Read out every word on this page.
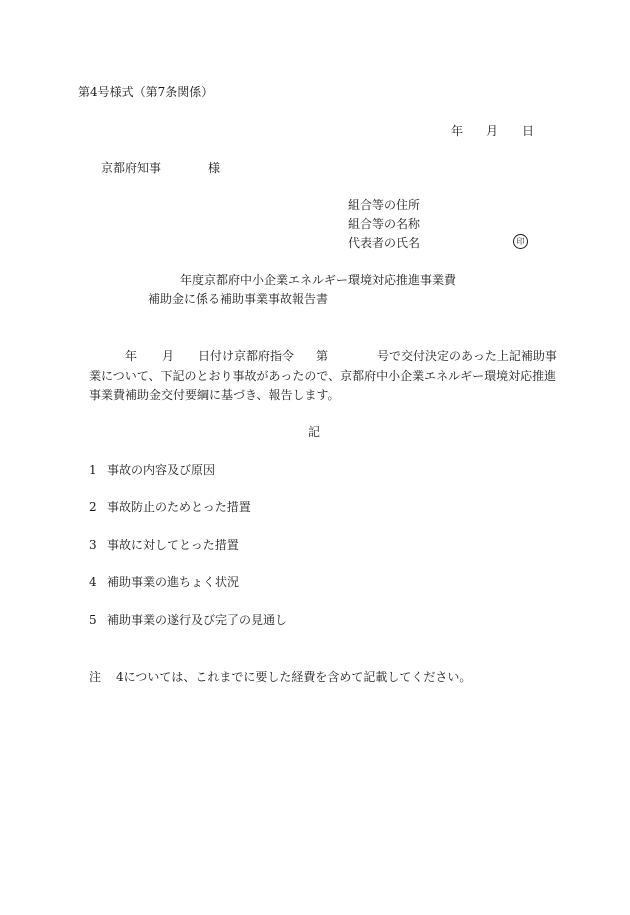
第4号様式（第7条関係）
年 月 日
京都府知事	様
組合等の住所
組合等の名称
代表者の氏名	印
年度京都府中小企業エネルギー環境対応推進事業費
補助金に係る補助事業事故報告書
年 月 日付け京都府指令 第	号で交付決定のあった上記補助事
業について、下記のとおり事故があったので、京都府中小企業エネルギー環境対応推進
事業費補助金交付要綱に基づき、報告します。
記
1 事故の内容及び原因
2 事故防止のためとった措置
3 事故に対してとった措置
4 補助事業の進ちょく状況
5 補助事業の遂行及び完了の見通し
注 4については、これまでに要した経費を含めて記載してください。
